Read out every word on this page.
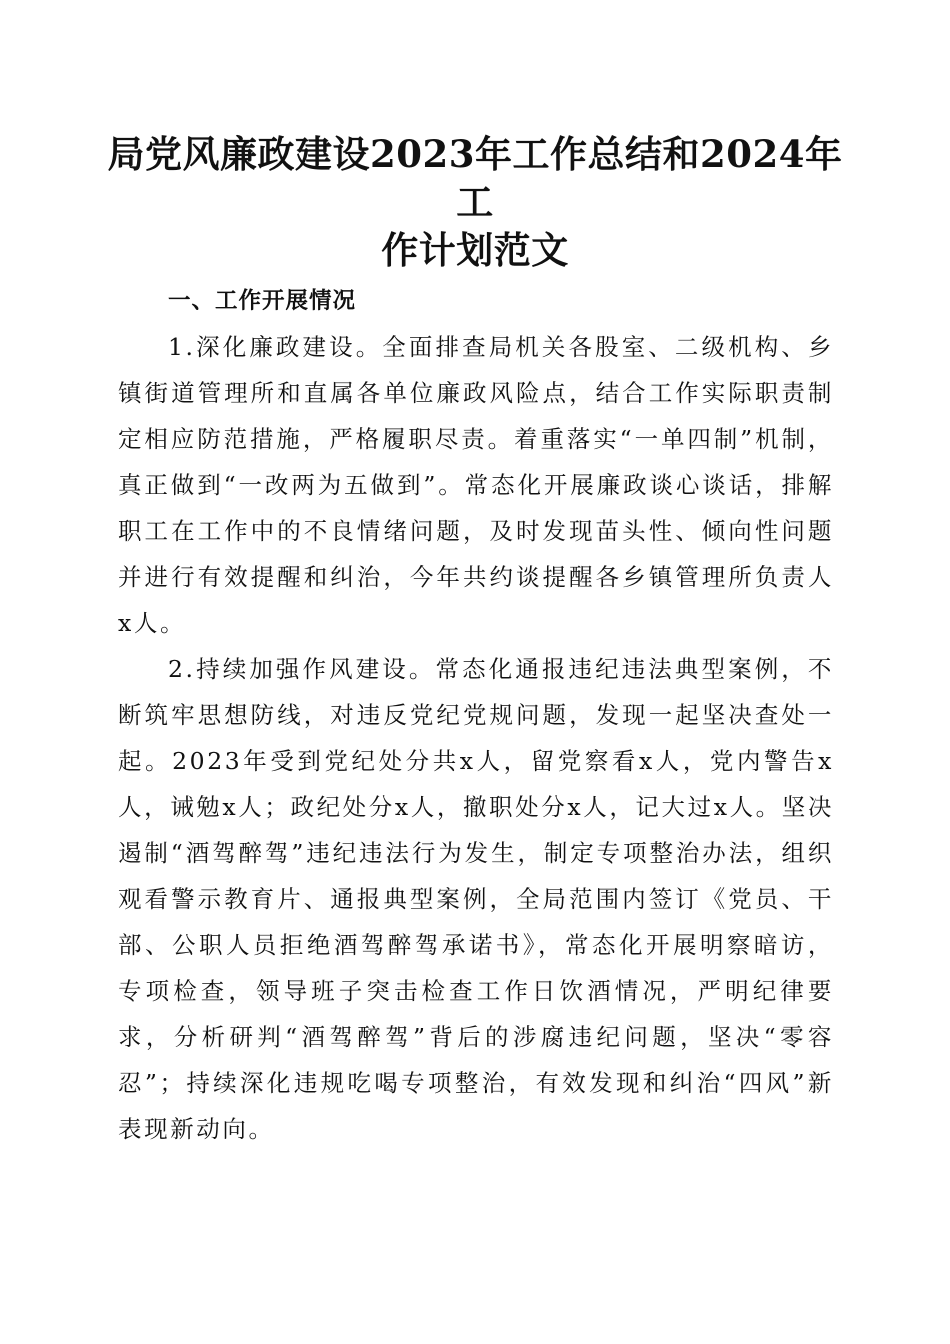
局党风廉政建设2023年工作总结和2024年工
作计划范文

一、工作开展情况

1.深化廉政建设。全面排查局机关各股室、二级机构、乡镇街道管理所和直属各单位廉政风险点，结合工作实际职责制定相应防范措施，严格履职尽责。着重落实“一单四制”机制，真正做到“一改两为五做到”。常态化开展廉政谈心谈话，排解职工在工作中的不良情绪问题，及时发现苗头性、倾向性问题并进行有效提醒和纠治，今年共约谈提醒各乡镇管理所负责人x人。

2.持续加强作风建设。常态化通报违纪违法典型案例，不断筑牢思想防线，对违反党纪党规问题，发现一起坚决查处一起。2023年受到党纪处分共x人，留党察看x人，党内警告x人，诫勉x人；政纪处分x人，撤职处分x人，记大过x人。坚决遏制“酒驾醉驾”违纪违法行为发生，制定专项整治办法，组织观看警示教育片、通报典型案例，全局范围内签订《党员、干部、公职人员拒绝酒驾醉驾承诺书》，常态化开展明察暗访，专项检查，领导班子突击检查工作日饮酒情况，严明纪律要求，分析研判“酒驾醉驾”背后的涉腐违纪问题，坚决“零容忍”；持续深化违规吃喝专项整治，有效发现和纠治“四风”新表现新动向。
